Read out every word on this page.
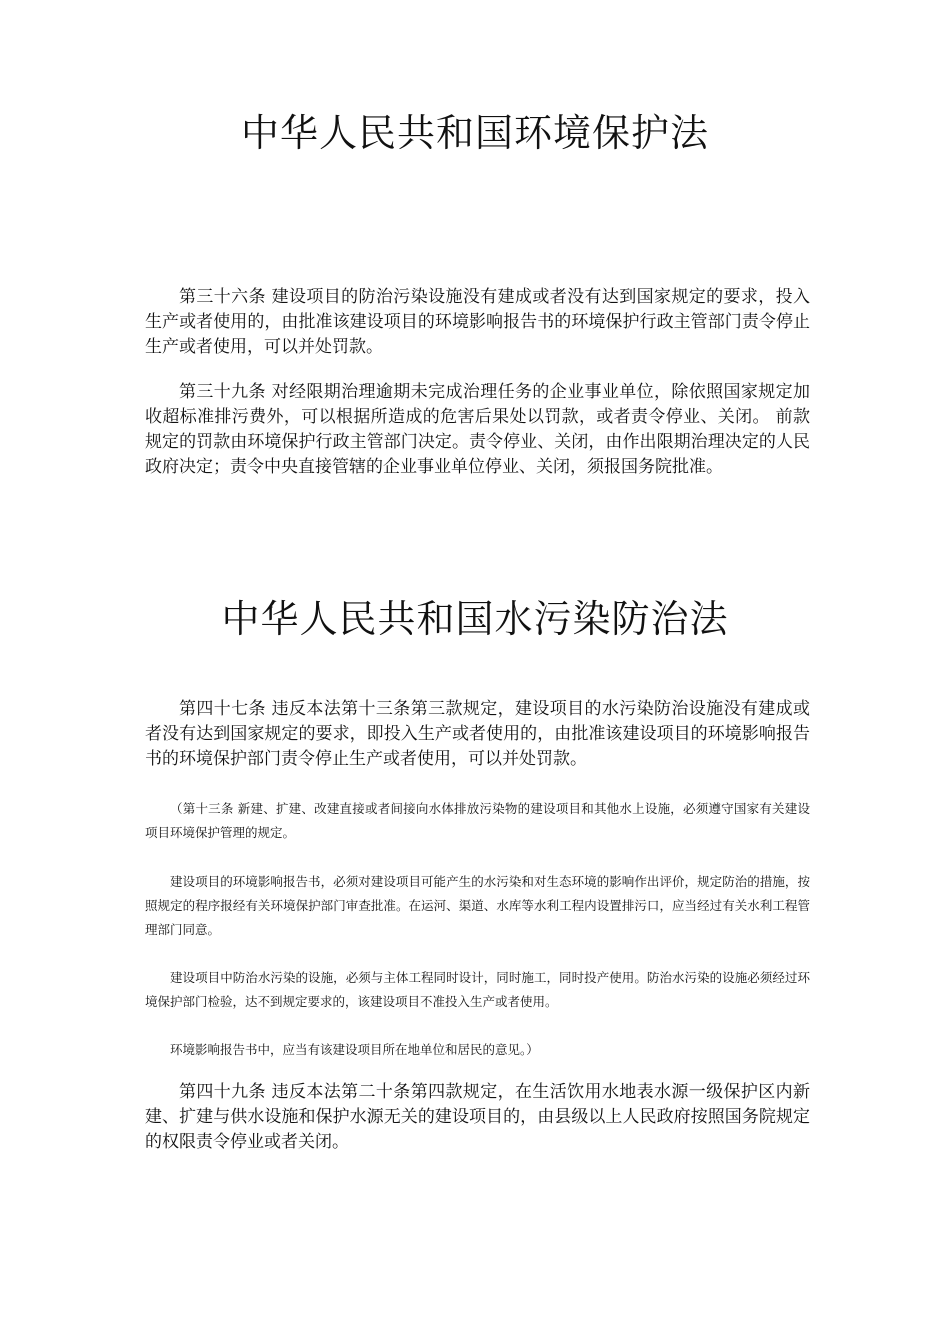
中华人民共和国环境保护法

第三十六条 建设项目的防治污染设施没有建成或者没有达到国家规定的要求，投入生产或者使用的，由批准该建设项目的环境影响报告书的环境保护行政主管部门责令停止生产或者使用，可以并处罚款。

第三十九条 对经限期治理逾期未完成治理任务的企业事业单位，除依照国家规定加收超标准排污费外，可以根据所造成的危害后果处以罚款，或者责令停业、关闭。 前款规定的罚款由环境保护行政主管部门决定。责令停业、关闭，由作出限期治理决定的人民政府决定；责令中央直接管辖的企业事业单位停业、关闭，须报国务院批准。

中华人民共和国水污染防治法

第四十七条 违反本法第十三条第三款规定，建设项目的水污染防治设施没有建成或者没有达到国家规定的要求，即投入生产或者使用的，由批准该建设项目的环境影响报告书的环境保护部门责令停止生产或者使用，可以并处罚款。

（第十三条 新建、扩建、改建直接或者间接向水体排放污染物的建设项目和其他水上设施，必须遵守国家有关建设项目环境保护管理的规定。

建设项目的环境影响报告书，必须对建设项目可能产生的水污染和对生态环境的影响作出评价，规定防治的措施，按照规定的程序报经有关环境保护部门审查批准。在运河、渠道、水库等水利工程内设置排污口，应当经过有关水利工程管理部门同意。

建设项目中防治水污染的设施，必须与主体工程同时设计，同时施工，同时投产使用。防治水污染的设施必须经过环境保护部门检验，达不到规定要求的，该建设项目不准投入生产或者使用。

环境影响报告书中，应当有该建设项目所在地单位和居民的意见。）

第四十九条 违反本法第二十条第四款规定，在生活饮用水地表水源一级保护区内新建、扩建与供水设施和保护水源无关的建设项目的，由县级以上人民政府按照国务院规定的权限责令停业或者关闭。
